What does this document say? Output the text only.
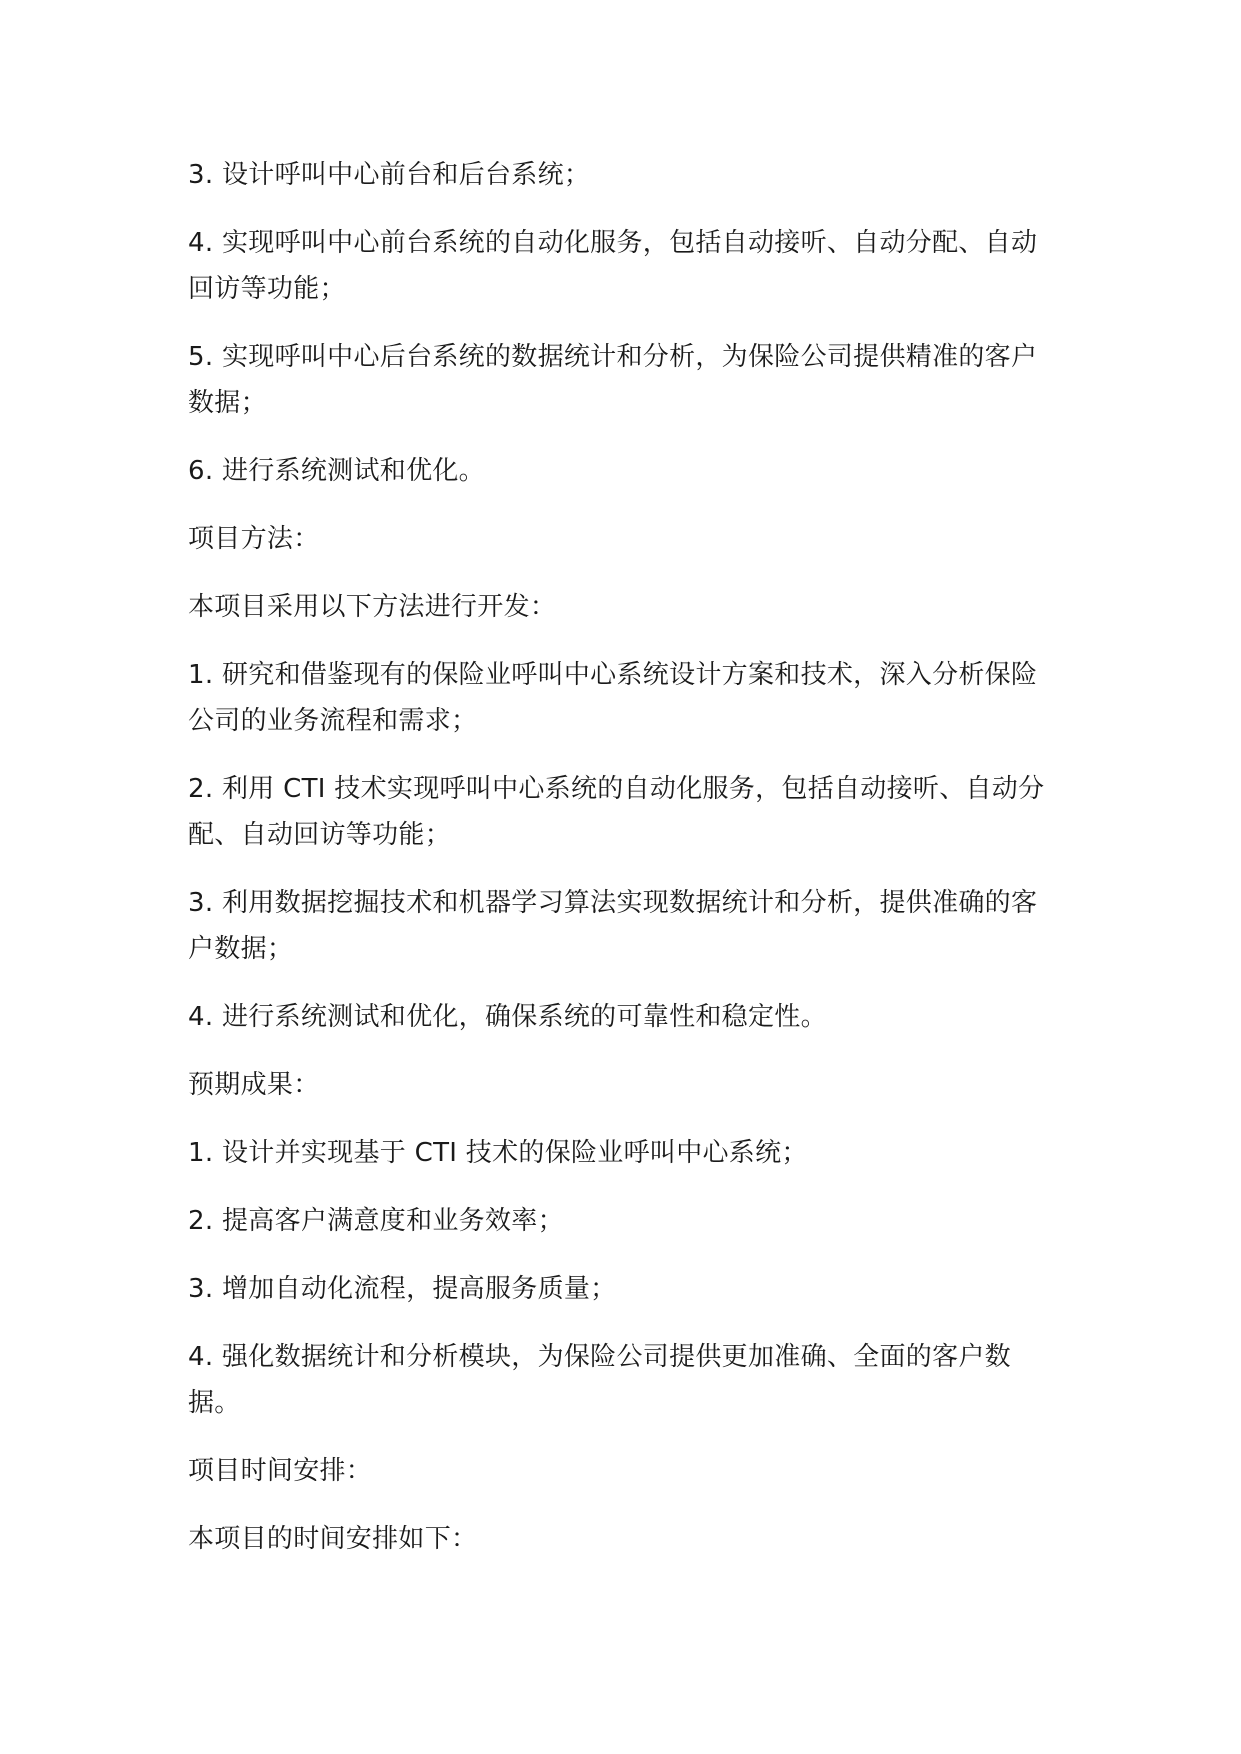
3. 设计呼叫中心前台和后台系统；

4. 实现呼叫中心前台系统的自动化服务，包括自动接听、自动分配、自动回访等功能；

5. 实现呼叫中心后台系统的数据统计和分析，为保险公司提供精准的客户数据；

6. 进行系统测试和优化。

项目方法：

本项目采用以下方法进行开发：

1. 研究和借鉴现有的保险业呼叫中心系统设计方案和技术，深入分析保险公司的业务流程和需求；

2. 利用 CTI 技术实现呼叫中心系统的自动化服务，包括自动接听、自动分配、自动回访等功能；

3. 利用数据挖掘技术和机器学习算法实现数据统计和分析，提供准确的客户数据；

4. 进行系统测试和优化，确保系统的可靠性和稳定性。

预期成果：

1. 设计并实现基于 CTI 技术的保险业呼叫中心系统；

2. 提高客户满意度和业务效率；

3. 增加自动化流程，提高服务质量；

4. 强化数据统计和分析模块，为保险公司提供更加准确、全面的客户数据。

项目时间安排：

本项目的时间安排如下：
